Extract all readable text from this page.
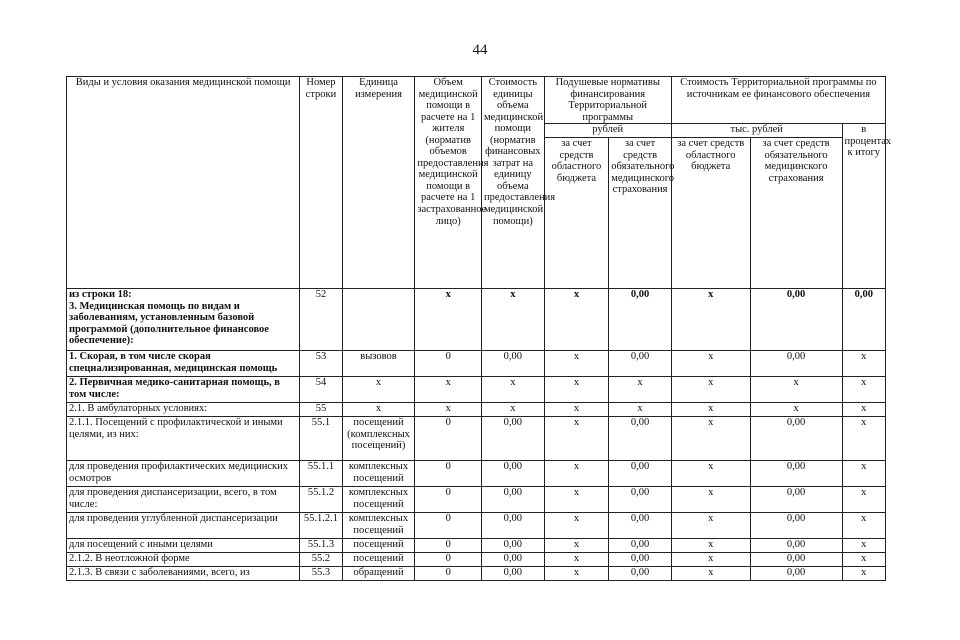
44
Виды и условия оказания медицинской помощи	Номер строки	Единица измерения	Объем медицинской помощи в расчете на 1 жителя (норматив объемов предоставления медицинской помощи в расчете на 1 застрахованное лицо)	Стоимость единицы объема медицинской помощи (норматив финансовых затрат на единицу объема предоставления медицинской помощи)	Подушевые нормативы финансирования Территориальной программы		Стоимость Территориальной программы по источникам ее финансового обеспечения		
					рублей		тыс. рублей		в процентах к итогу
					за счет средств областного бюджета	за счет средств обязательного медицинского страхования	за счет средств областного бюджета	за счет средств обязательного медицинского страхования	
из строки 18:
3. Медицинская помощь по видам и заболеваниям, установленным базовой программой (дополнительное финансовое обеспечение):	52		х	х	х	0,00	х	0,00	0,00
1. Скорая, в том числе скорая специализированная, медицинская помощь	53	вызовов	0	0,00	х	0,00	х	0,00	х
2. Первичная медико-санитарная помощь, в том числе:	54	х	х	х	х	х	х	х	х
2.1. В амбулаторных условиях:	55	х	х	х	х	х	х	х	х
2.1.1. Посещений с профилактической и иными целями, из них:	55.1	посещений (комплексных посещений)	0	0,00	х	0,00	х	0,00	х
для проведения профилактических медицинских осмотров	55.1.1	комплексных посещений	0	0,00	х	0,00	х	0,00	х
для проведения диспансеризации, всего, в том числе:	55.1.2	комплексных посещений	0	0,00	х	0,00	х	0,00	х
для проведения углубленной диспансеризации	55.1.2.1	комплексных посещений	0	0,00	х	0,00	х	0,00	х
для посещений с иными целями	55.1.3	посещений	0	0,00	х	0,00	х	0,00	х
2.1.2. В неотложной форме	55.2	посещений	0	0,00	х	0,00	х	0,00	х
2.1.3. В связи с заболеваниями, всего, из	55.3	обращений	0	0,00	х	0,00	х	0,00	х
